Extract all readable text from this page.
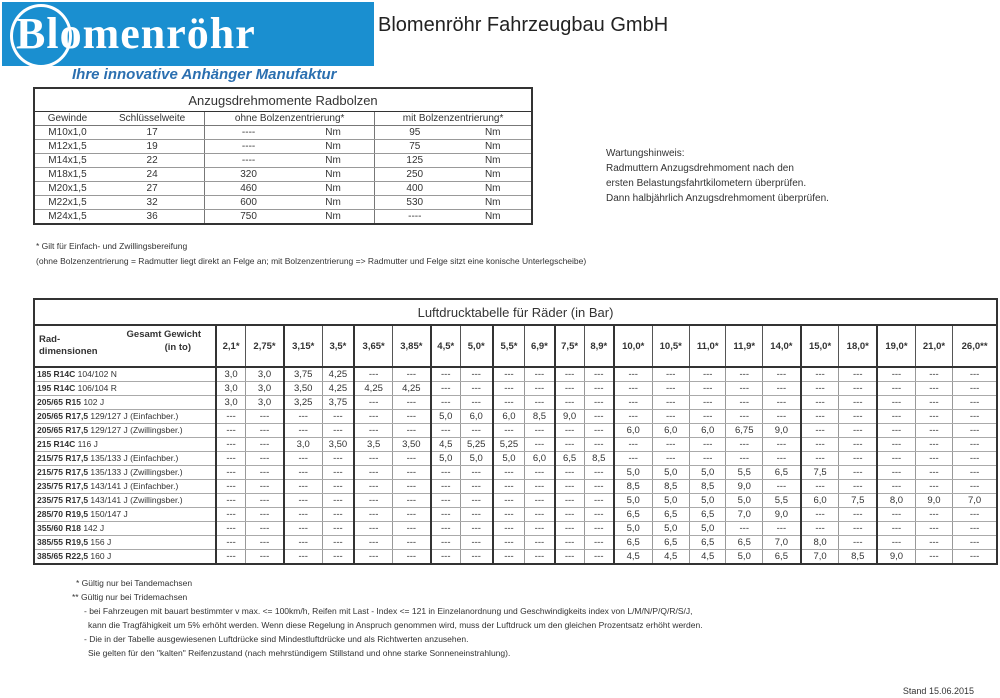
Blomenröhr	Blomenröhr Fahrzeugbau GmbH
Ihre innovative Anhänger Manufaktur
Anzugsdrehmomente Radbolzen					
Gewinde	Schlüsselweite	ohne Bolzenzentrierung*		mit Bolzenzentrierung*	
M10x1,0	17	----	Nm	95	Nm
M12x1,5	19	----	Nm	75	Nm
M14x1,5	22	----	Nm	125	Nm
M18x1,5	24	320	Nm	250	Nm
M20x1,5	27	460	Nm	400	Nm
M22x1,5	32	600	Nm	530	Nm
M24x1,5	36	750	Nm	----	Nm
* Gilt für Einfach- und Zwillingsbereifung
(ohne Bolzenzentrierung = Radmutter liegt direkt an Felge an; mit Bolzenzentrierung => Radmutter und Felge sitzt eine konische Unterlegscheibe)
Wartungshinweis:
Radmuttern Anzugsdrehmoment nach den
ersten Belastungsfahrtkilometern überprüfen.
Dann halbjährlich Anzugsdrehmoment überprüfen.
Luftdrucktabelle für Räder (in Bar)																						

Gesamt Gewicht
(in to)
Rad-
dimensionen	2,1*	2,75*	3,15*	3,5*	3,65*	3,85*	4,5*	5,0*	5,5*	6,9*	7,5*	8,9*	10,0*	10,5*	11,0*	11,9*	14,0*	15,0*	18,0*	19,0*	21,0*	26,0**
185 R14C 104/102 N	3,0	3,0	3,75	4,25	---	---	---	---	---	---	---	---	---	---	---	---	---	---	---	---	---	---
195 R14C 106/104 R	3,0	3,0	3,50	4,25	4,25	4,25	---	---	---	---	---	---	---	---	---	---	---	---	---	---	---	---
205/65 R15 102 J	3,0	3,0	3,25	3,75	---	---	---	---	---	---	---	---	---	---	---	---	---	---	---	---	---	---
205/65 R17,5 129/127 J (Einfachber.)	---	---	---	---	---	---	5,0	6,0	6,0	8,5	9,0	---	---	---	---	---	---	---	---	---	---	---
205/65 R17,5 129/127 J (Zwillingsber.)	---	---	---	---	---	---	---	---	---	---	---	---	6,0	6,0	6,0	6,75	9,0	---	---	---	---	---
215 R14C 116 J	---	---	3,0	3,50	3,5	3,50	4,5	5,25	5,25	---	---	---	---	---	---	---	---	---	---	---	---	---
215/75 R17,5 135/133 J (Einfachber.)	---	---	---	---	---	---	5,0	5,0	5,0	6,0	6,5	8,5	---	---	---	---	---	---	---	---	---	---
215/75 R17,5 135/133 J (Zwillingsber.)	---	---	---	---	---	---	---	---	---	---	---	---	5,0	5,0	5,0	5,5	6,5	7,5	---	---	---	---
235/75 R17,5 143/141 J (Einfachber.)	---	---	---	---	---	---	---	---	---	---	---	---	8,5	8,5	8,5	9,0	---	---	---	---	---	---
235/75 R17,5 143/141 J (Zwillingsber.)	---	---	---	---	---	---	---	---	---	---	---	---	5,0	5,0	5,0	5,0	5,5	6,0	7,5	8,0	9,0	7,0
285/70 R19,5 150/147 J	---	---	---	---	---	---	---	---	---	---	---	---	6,5	6,5	6,5	7,0	9,0	---	---	---	---	---
355/60 R18 142 J	---	---	---	---	---	---	---	---	---	---	---	---	5,0	5,0	5,0	---	---	---	---	---	---	---
385/55 R19,5 156 J	---	---	---	---	---	---	---	---	---	---	---	---	6,5	6,5	6,5	6,5	7,0	8,0	---	---	---	---
385/65 R22,5 160 J	---	---	---	---	---	---	---	---	---	---	---	---	4,5	4,5	4,5	5,0	6,5	7,0	8,5	9,0	---	---
* Gültig nur bei Tandemachsen
** Gültig nur bei Tridemachsen
- bei Fahrzeugen mit bauart bestimmter v max. <= 100km/h, Reifen mit Last - Index <= 121 in Einzelanordnung und Geschwindigkeits index von L/M/N/P/Q/R/S/J,
kann die Tragfähigkeit um 5% erhöht werden. Wenn diese Regelung in Anspruch genommen wird, muss der Luftdruck um den gleichen Prozentsatz erhöht werden.
- Die in der Tabelle ausgewiesenen Luftdrücke sind Mindestluftdrücke und als Richtwerten anzusehen.
Sie gelten für den "kalten" Reifenzustand (nach mehrstündigem Stillstand und ohne starke Sonneneinstrahlung).
Stand 15.06.2015
